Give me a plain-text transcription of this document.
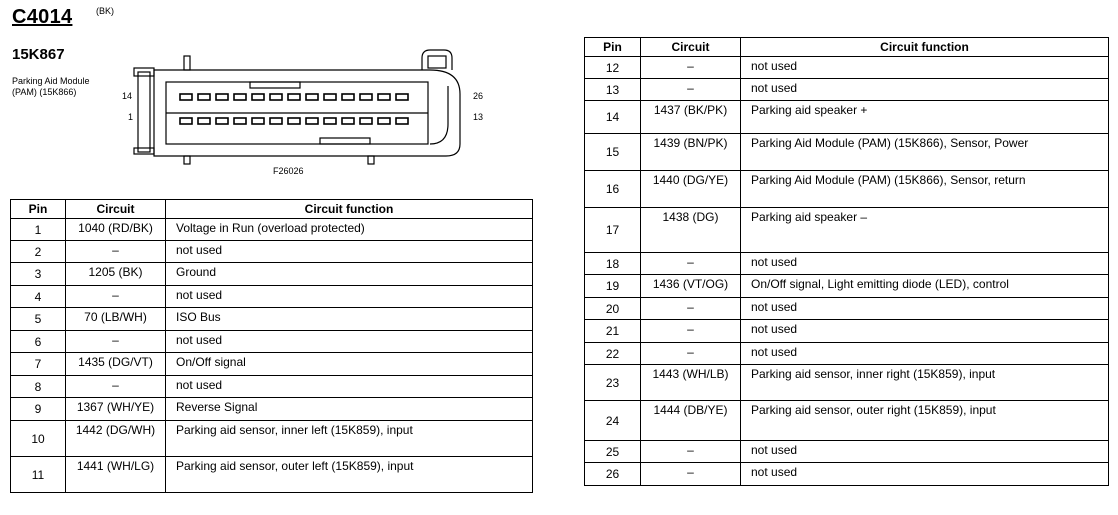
C4014	(BK)
15K867
Parking Aid Module
(PAM) (15K866)	14
1
26
13
F26026
Pin	Circuit	Circuit function
1	1040 (RD/BK)	Voltage in Run (overload protected)
2	–	not used
3	1205 (BK)	Ground
4	–	not used
5	70 (LB/WH)	ISO Bus
6	–	not used
7	1435 (DG/VT)	On/Off signal
8	–	not used
9	1367 (WH/YE)	Reverse Signal
10	1442 (DG/WH)	Parking aid sensor, inner left (15K859), input
11	1441 (WH/LG)	Parking aid sensor, outer left (15K859), input
Pin	Circuit	Circuit function
12	–	not used
13	–	not used
14	1437 (BK/PK)	Parking aid speaker +
15	1439 (BN/PK)	Parking Aid Module (PAM) (15K866), Sensor, Power
16	1440 (DG/YE)	Parking Aid Module (PAM) (15K866), Sensor, return
17	1438 (DG)	Parking aid speaker –
18	–	not used
19	1436 (VT/OG)	On/Off signal, Light emitting diode (LED), control
20	–	not used
21	–	not used
22	–	not used
23	1443 (WH/LB)	Parking aid sensor, inner right (15K859), input
24	1444 (DB/YE)	Parking aid sensor, outer right (15K859), input
25	–	not used
26	–	not used
